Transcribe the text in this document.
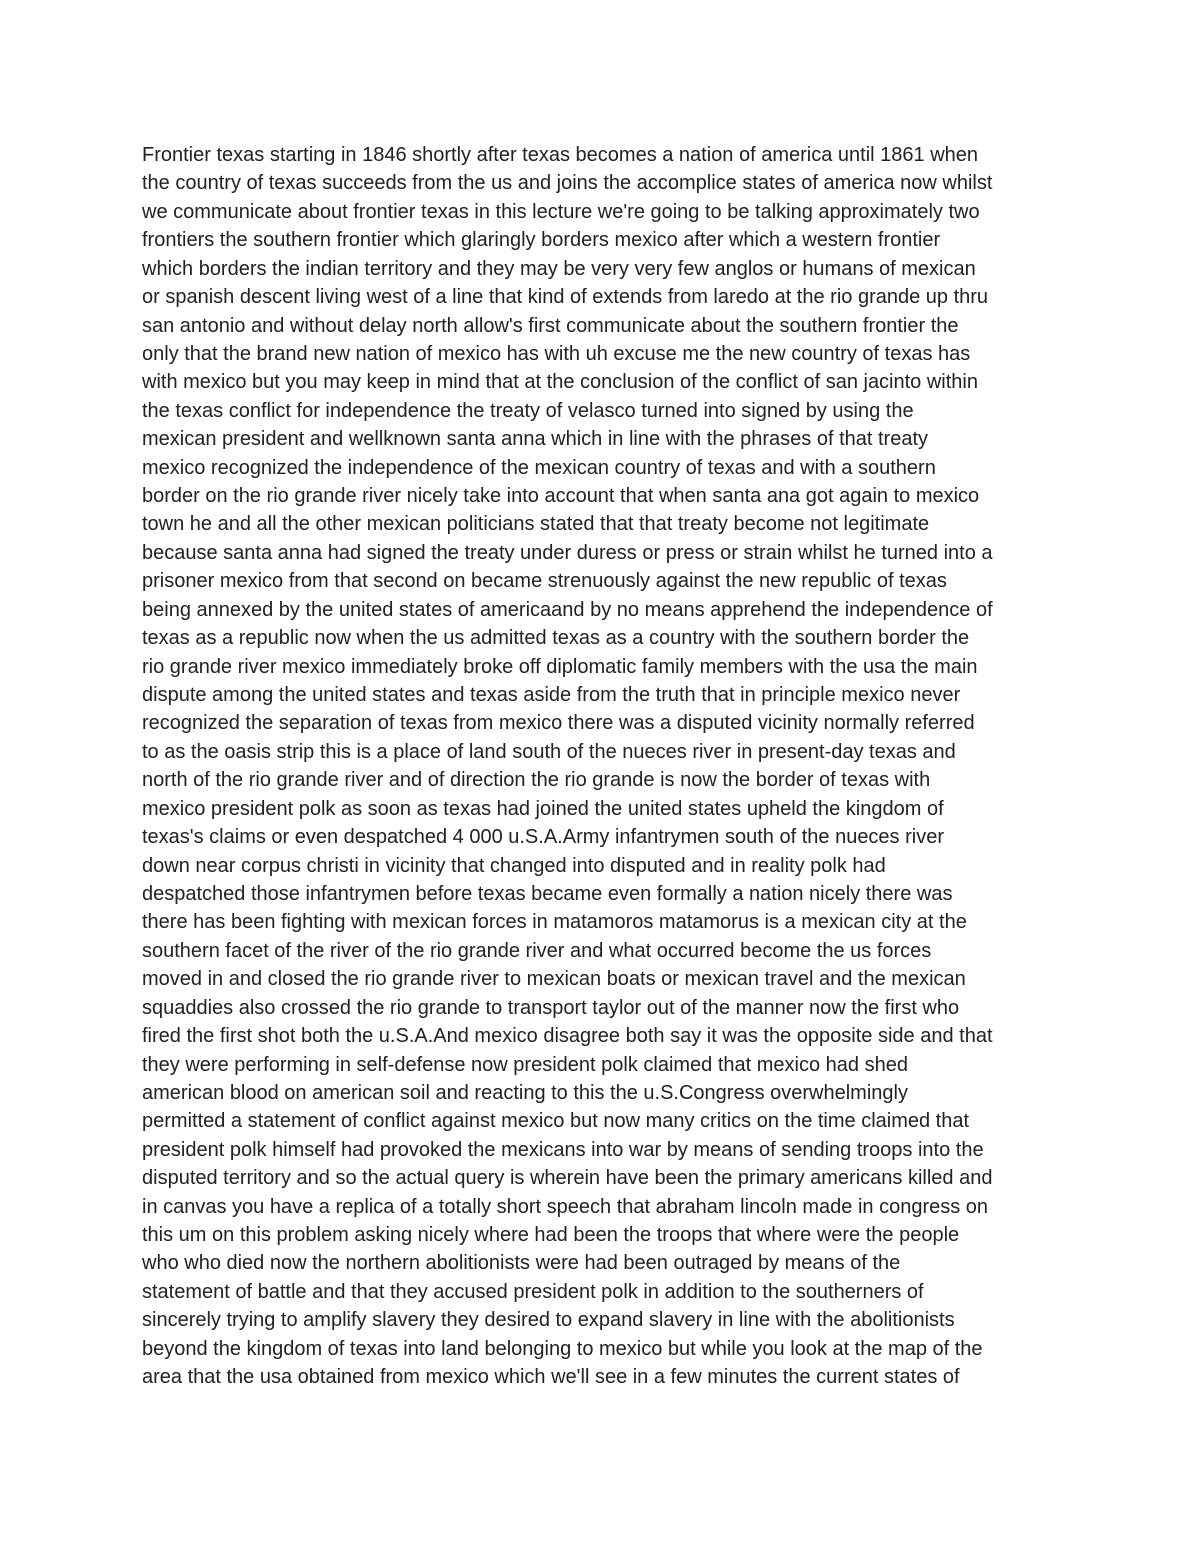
Frontier texas starting in 1846 shortly after texas becomes a nation of america until 1861 when
the country of texas succeeds from the us and joins the accomplice states of america now whilst
we communicate about frontier texas in this lecture we're going to be talking approximately two
frontiers the southern frontier which glaringly borders mexico after which a western frontier
which borders the indian territory and they may be very very few anglos or humans of mexican
or spanish descent living west of a line that kind of extends from laredo at the rio grande up thru
san antonio and without delay north allow's first communicate about the southern frontier the
only that the brand new nation of mexico has with uh excuse me the new country of texas has
with mexico but you may keep in mind that at the conclusion of the conflict of san jacinto within
the texas conflict for independence the treaty of velasco turned into signed by using the
mexican president and wellknown santa anna which in line with the phrases of that treaty
mexico recognized the independence of the mexican country of texas and with a southern
border on the rio grande river nicely take into account that when santa ana got again to mexico
town he and all the other mexican politicians stated that that treaty become not legitimate
because santa anna had signed the treaty under duress or press or strain whilst he turned into a
prisoner mexico from that second on became strenuously against the new republic of texas
being annexed by the united states of americaand by no means apprehend the independence of
texas as a republic now when the us admitted texas as a country with the southern border the
rio grande river mexico immediately broke off diplomatic family members with the usa the main
dispute among the united states and texas aside from the truth that in principle mexico never
recognized the separation of texas from mexico there was a disputed vicinity normally referred
to as the oasis strip this is a place of land south of the nueces river in present-day texas and
north of the rio grande river and of direction the rio grande is now the border of texas with
mexico president polk as soon as texas had joined the united states upheld the kingdom of
texas's claims or even despatched 4 000 u.S.A.Army infantrymen south of the nueces river
down near corpus christi in vicinity that changed into disputed and in reality polk had
despatched those infantrymen before texas became even formally a nation nicely there was
there has been fighting with mexican forces in matamoros matamorus is a mexican city at the
southern facet of the river of the rio grande river and what occurred become the us forces
moved in and closed the rio grande river to mexican boats or mexican travel and the mexican
squaddies also crossed the rio grande to transport taylor out of the manner now the first who
fired the first shot both the u.S.A.And mexico disagree both say it was the opposite side and that
they were performing in self-defense now president polk claimed that mexico had shed
american blood on american soil and reacting to this the u.S.Congress overwhelmingly
permitted a statement of conflict against mexico but now many critics on the time claimed that
president polk himself had provoked the mexicans into war by means of sending troops into the
disputed territory and so the actual query is wherein have been the primary americans killed and
in canvas you have a replica of a totally short speech that abraham lincoln made in congress on
this um on this problem asking nicely where had been the troops that where were the people
who who died now the northern abolitionists were had been outraged by means of the
statement of battle and that they accused president polk in addition to the southerners of
sincerely trying to amplify slavery they desired to expand slavery in line with the abolitionists
beyond the kingdom of texas into land belonging to mexico but while you look at the map of the
area that the usa obtained from mexico which we'll see in a few minutes the current states of
